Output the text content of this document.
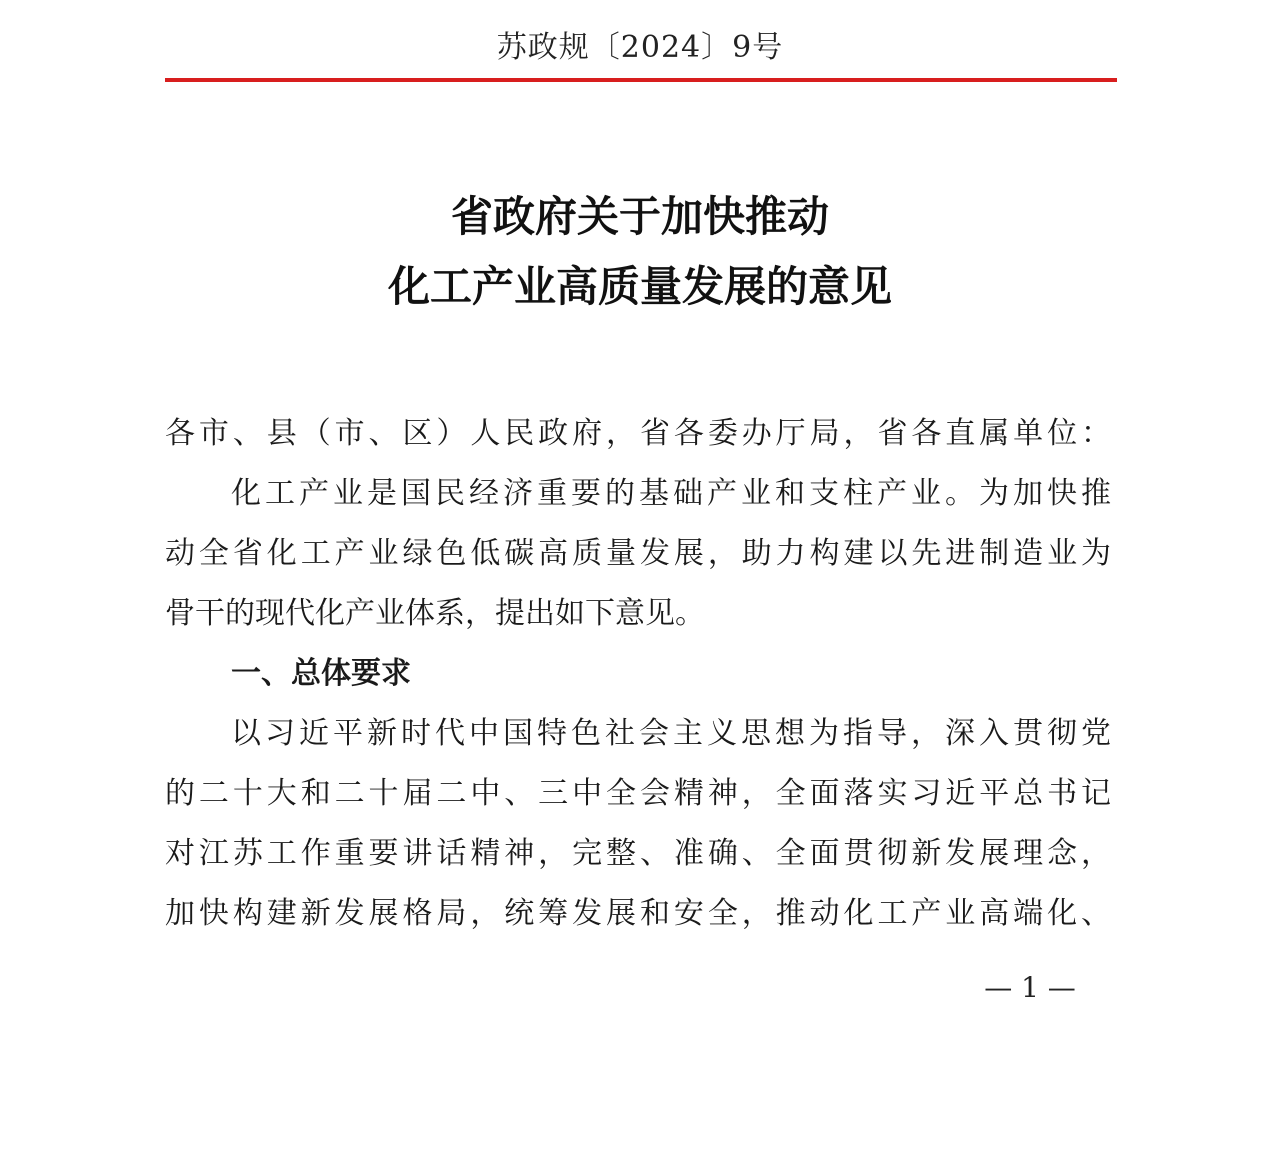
苏政规〔2024〕9号
省政府关于加快推动
化工产业高质量发展的意见
各市、县（市、区）人民政府，省各委办厅局，省各直属单位：
化工产业是国民经济重要的基础产业和支柱产业。为加快推
动全省化工产业绿色低碳高质量发展，助力构建以先进制造业为
骨干的现代化产业体系，提出如下意见。
一、总体要求
以习近平新时代中国特色社会主义思想为指导，深入贯彻党
的二十大和二十届二中、三中全会精神，全面落实习近平总书记
对江苏工作重要讲话精神，完整、准确、全面贯彻新发展理念，
加快构建新发展格局，统筹发展和安全，推动化工产业高端化、
— 1 —
